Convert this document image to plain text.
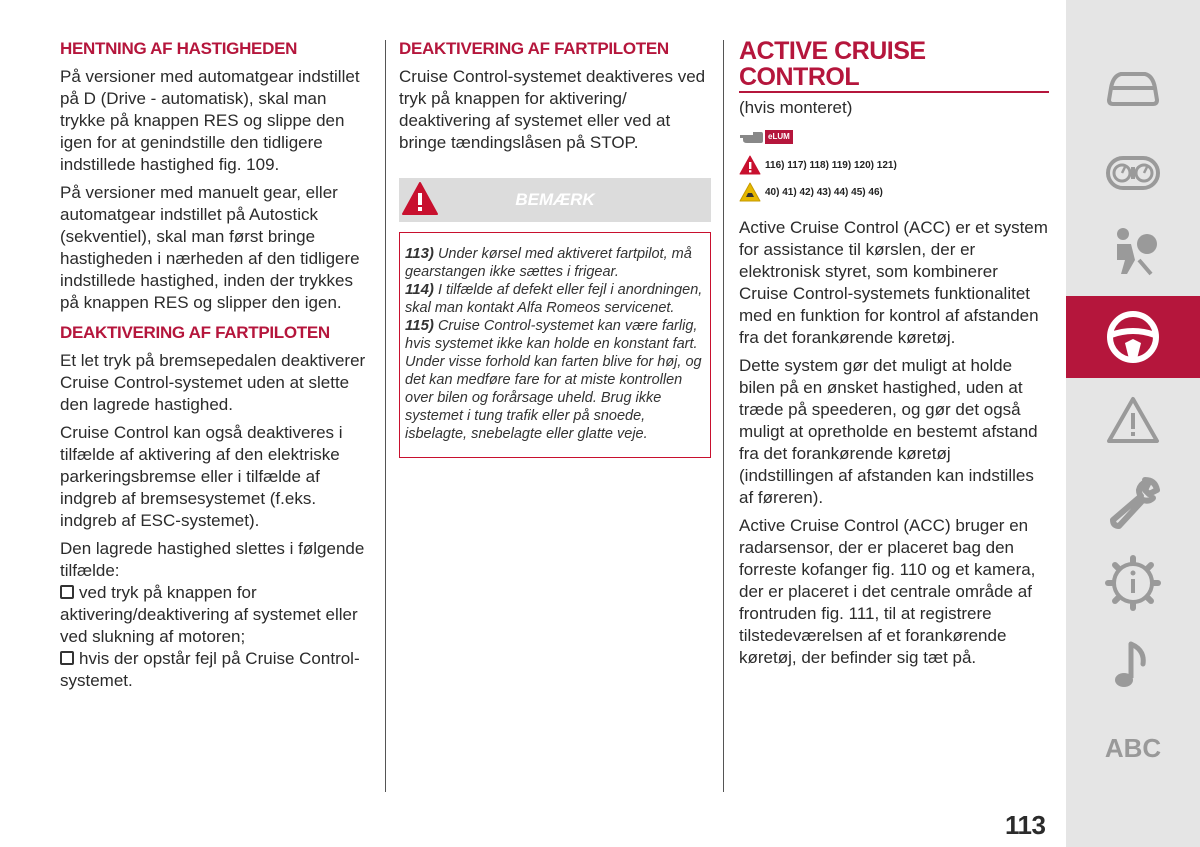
HENTNING AF HASTIGHEDEN

På versioner med automatgear indstillet på D (Drive - automatisk), skal man trykke på knappen RES og slippe den igen for at genindstille den tidligere indstillede hastighed fig. 109.

På versioner med manuelt gear, eller automatgear indstillet på Autostick (sekventiel), skal man først bringe hastigheden i nærheden af den tidligere indstillede hastighed, inden der trykkes på knappen RES og slipper den igen.

DEAKTIVERING AF FARTPILOTEN

Et let tryk på bremsepedalen deaktiverer Cruise Control-systemet uden at slette den lagrede hastighed.

Cruise Control kan også deaktiveres i tilfælde af aktivering af den elektriske parkeringsbremse eller i tilfælde af indgreb af bremsesystemet (f.eks. indgreb af ESC-systemet).

Den lagrede hastighed slettes i følgende tilfælde:

ved tryk på knappen for aktivering/deaktivering af systemet eller ved slukning af motoren;
hvis der opstår fejl på Cruise Control-systemet.

DEAKTIVERING AF FARTPILOTEN

Cruise Control-systemet deaktiveres ved tryk på knappen for aktivering/ deaktivering af systemet eller ved at bringe tændingslåsen på STOP.

BEMÆRK
113) Under kørsel med aktiveret fartpilot, må gearstangen ikke sættes i frigear.
114) I tilfælde af defekt eller fejl i anordningen, skal man kontakt Alfa Romeos servicenet.
115) Cruise Control-systemet kan være farlig, hvis systemet ikke kan holde en konstant fart. Under visse forhold kan farten blive for høj, og det kan medføre fare for at miste kontrollen over bilen og forårsage uheld. Brug ikke systemet i tung trafik eller på snoede, isbelagte, snebelagte eller glatte veje.
ACTIVE CRUISE CONTROL
(hvis monteret)
eLUM
116) 117) 118) 119) 120) 121)
40) 41) 42) 43) 44) 45) 46)

Active Cruise Control (ACC) er et system for assistance til kørslen, der er elektronisk styret, som kombinerer Cruise Control-systemets funktionalitet med en funktion for kontrol af afstanden fra det forankørende køretøj.

Dette system gør det muligt at holde bilen på en ønsket hastighed, uden at træde på speederen, og gør det også muligt at opretholde en bestemt afstand fra det forankørende køretøj (indstillingen af afstanden kan indstilles af føreren).

Active Cruise Control (ACC) bruger en radarsensor, der er placeret bag den forreste kofanger fig. 110 og et kamera, der er placeret i det centrale område af frontruden fig. 111, til at registrere tilstedeværelsen af et forankørende køretøj, der befinder sig tæt på.

ABC
113
